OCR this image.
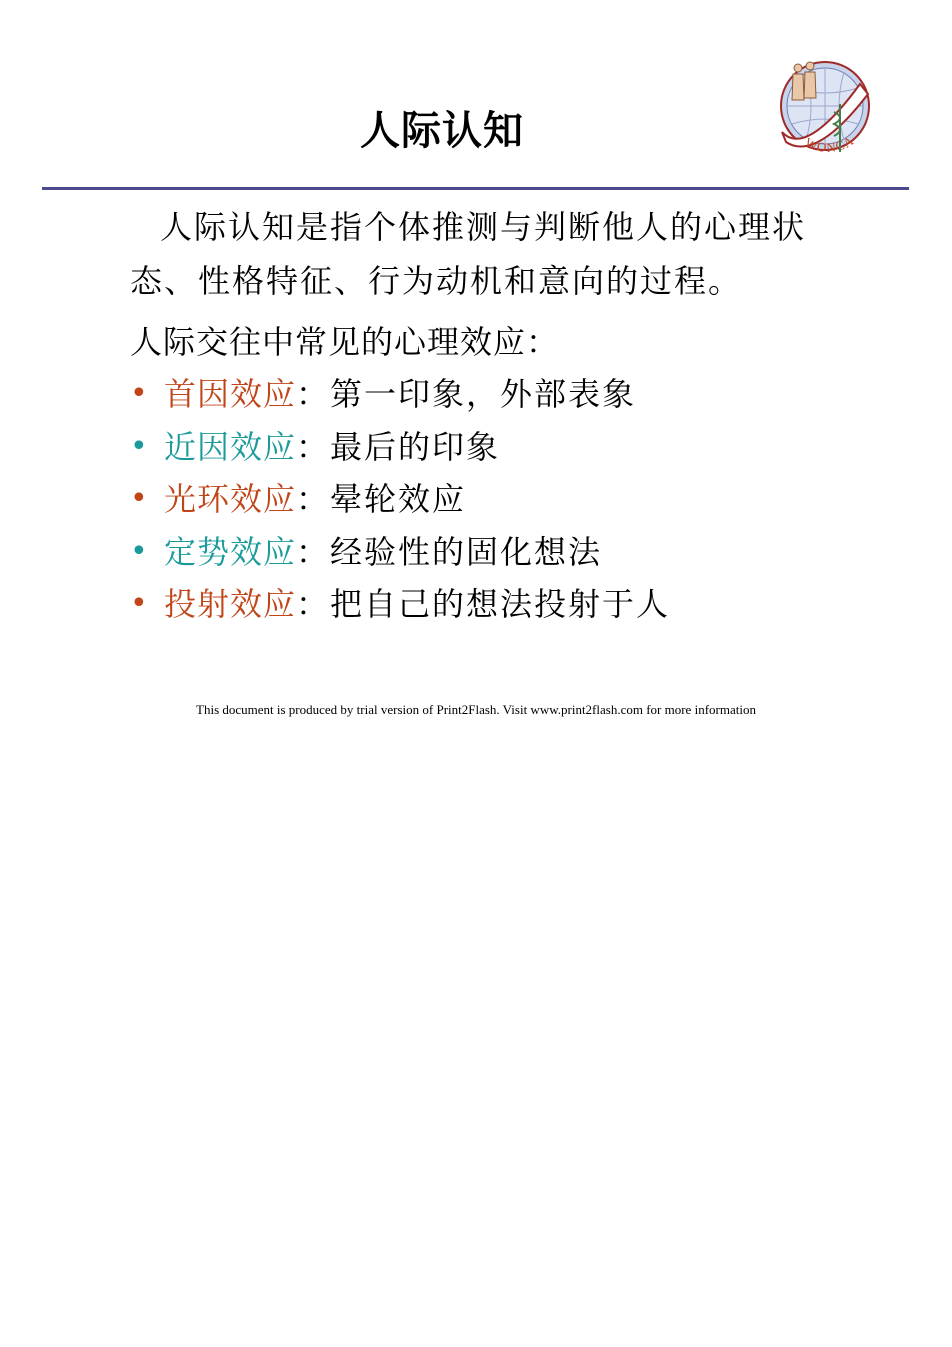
人际认知	WONCA

人际认知是指个体推测与判断他人的心理状态、性格特征、行为动机和意向的过程。

人际交往中常见的心理效应：
• 首因效应：第一印象，外部表象
• 近因效应：最后的印象
• 光环效应：晕轮效应
• 定势效应：经验性的固化想法
• 投射效应：把自己的想法投射于人
This document is produced by trial version of Print2Flash. Visit www.print2flash.com for more information
